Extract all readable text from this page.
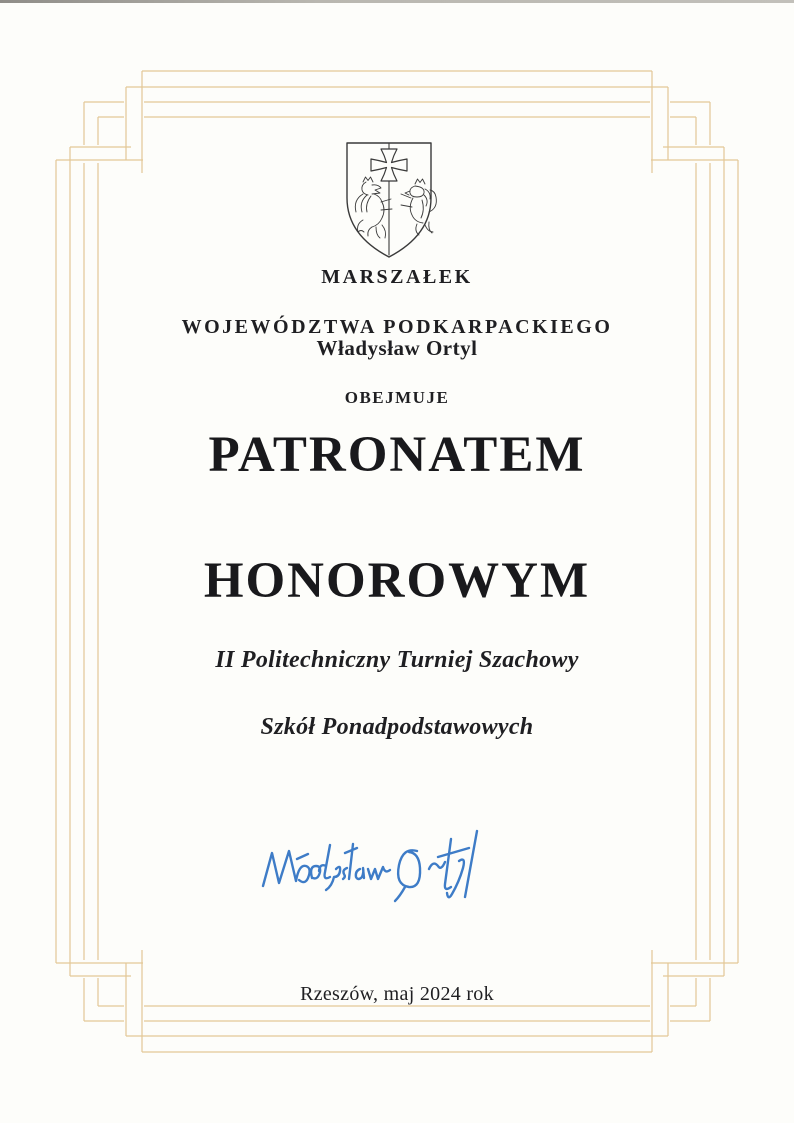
MARSZAŁEK

WOJEWÓDZTWA PODKARPACKIEGO
Władysław Ortyl
OBEJMUJE
PATRONATEM

HONOROWYM
II Politechniczny Turniej Szachowy

Szkół Ponadpodstawowych
Rzeszów, maj 2024 rok
